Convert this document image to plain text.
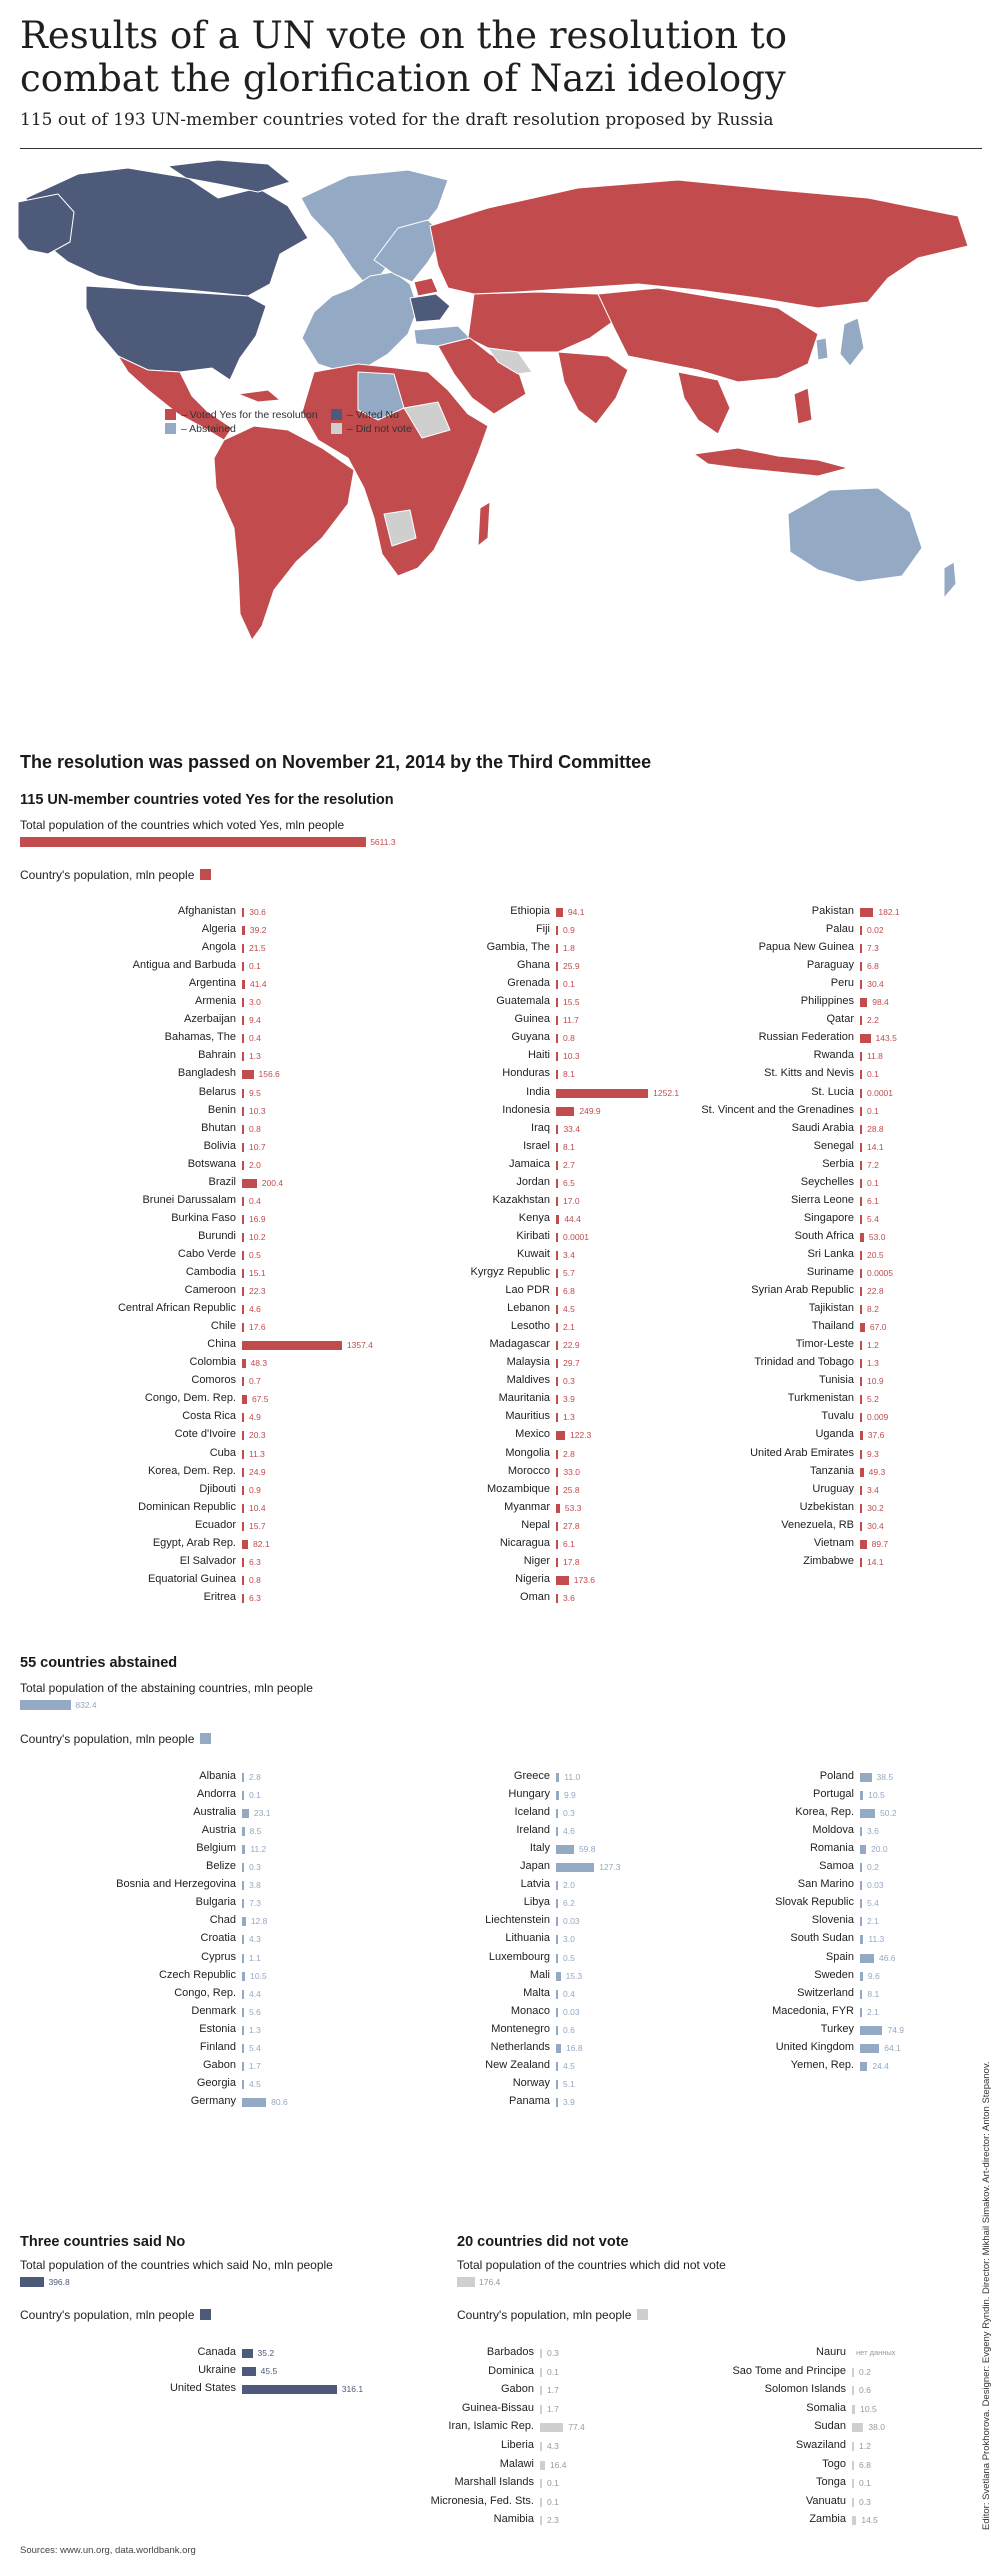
Results of a UN vote on the resolution to combat the glorification of Nazi ideology
115 out of 193 UN-member countries voted for the draft resolution proposed by Russia
– Voted Yes for the resolution
– Abstained
– Voted No
– Did not vote
The resolution was passed on November 21, 2014 by the Third Committee
115 UN-member countries voted Yes for the resolution
Total population of the countries which voted Yes, mln people
5611.3
Country's population, mln people
Afghanistan 30.6
Algeria 39.2
Angola 21.5
Antigua and Barbuda 0.1
Argentina 41.4
Armenia 3.0
Azerbaijan 9.4
Bahamas, The 0.4
Bahrain 1.3
Bangladesh	156.6
Belarus 9.5
Benin 10.3
Bhutan 0.8
Bolivia 10.7
Botswana 2.0
Brazil	200.4
Brunei Darussalam 0.4
Burkina Faso 16.9
Burundi 10.2
Cabo Verde 0.5
Cambodia 15.1
Cameroon 22.3
Central African Republic 4.6
Chile 17.6
China	1357.4
Colombia 48.3
Comoros 0.7
Congo, Dem. Rep. 67.5
Costa Rica 4.9
Cote d'Ivoire 20.3
Cuba 11.3
Korea, Dem. Rep. 24.9
Djibouti 0.9
Dominican Republic 10.4
Ecuador 15.7
Egypt, Arab Rep. 82.1
El Salvador 6.3
Equatorial Guinea 0.8
Eritrea 6.3
Ethiopia 94.1
Fiji 0.9
Gambia, The 1.8
Ghana 25.9
Grenada 0.1
Guatemala 15.5
Guinea 11.7
Guyana 0.8
Haiti 10.3
Honduras 8.1
India	1252.1
Indonesia	249.9
Iraq 33.4
Israel 8.1
Jamaica 2.7
Jordan 6.5
Kazakhstan 17.0
Kenya 44.4
Kiribati 0.0001
Kuwait 3.4
Kyrgyz Republic 5.7
Lao PDR 6.8
Lebanon 4.5
Lesotho 2.1
Madagascar 22.9
Malaysia 29.7
Maldives 0.3
Mauritania 3.9
Mauritius 1.3
Mexico 122.3
Mongolia 2.8
Morocco 33.0
Mozambique 25.8
Myanmar 53.3
Nepal 27.8
Nicaragua 6.1
Niger 17.8
Nigeria	173.6
Oman 3.6
Pakistan	182.1
Palau 0.02
Papua New Guinea 7.3
Paraguay 6.8
Peru 30.4
Philippines 98.4
Qatar 2.2
Russian Federation	143.5
Rwanda 11.8
St. Kitts and Nevis 0.1
St. Lucia 0.0001
St. Vincent and the Grenadines 0.1
Saudi Arabia 28.8
Senegal 14.1
Serbia 7.2
Seychelles 0.1
Sierra Leone 6.1
Singapore 5.4
South Africa 53.0
Sri Lanka 20.5
Suriname 0.0005
Syrian Arab Republic 22.8
Tajikistan 8.2
Thailand 67.0
Timor-Leste 1.2
Trinidad and Tobago 1.3
Tunisia 10.9
Turkmenistan 5.2
Tuvalu 0.009
Uganda 37.6
United Arab Emirates 9.3
Tanzania 49.3
Uruguay 3.4
Uzbekistan 30.2
Venezuela, RB 30.4
Vietnam 89.7
Zimbabwe 14.1
55 countries abstained
Total population of the abstaining countries, mln people
832.4
Country's population, mln people
Albania 2.8
Andorra 0.1
Australia 23.1
Austria 8.5
Belgium 11.2
Belize 0.3
Bosnia and Herzegovina 3.8
Bulgaria 7.3
Chad 12.8
Croatia 4.3
Cyprus 1.1
Czech Republic 10.5
Congo, Rep. 4.4
Denmark 5.6
Estonia 1.3
Finland 5.4
Gabon 1.7
Georgia 4.5
Germany	80.6
Greece 11.0
Hungary 9.9
Iceland 0.3
Ireland 4.6
Italy	59.8
Japan	127.3
Latvia 2.0
Libya 6.2
Liechtenstein 0.03
Lithuania 3.0
Luxembourg 0.5
Mali 15.3
Malta 0.4
Monaco 0.03
Montenegro 0.6
Netherlands 16.8
New Zealand 4.5
Norway 5.1
Panama 3.9
Poland	38.5
Portugal 10.5
Korea, Rep.	50.2
Moldova 3.6
Romania 20.0
Samoa 0.2
San Marino 0.03
Slovak Republic 5.4
Slovenia 2.1
South Sudan 11.3
Spain	46.6
Sweden 9.6
Switzerland 8.1
Macedonia, FYR 2.1
Turkey	74.9
United Kingdom	64.1
Yemen, Rep. 24.4
Three countries said No
Total population of the countries which said No, mln people
396.8
Country's population, mln people
Canada	35.2
Ukraine	45.5
United States	316.1
20 countries did not vote
Total population of the countries which did not vote
176.4
Country's population, mln people
Barbados 0.3
Dominica 0.1
Gabon 1.7
Guinea-Bissau 1.7
Iran, Islamic Rep.	77.4
Liberia 4.3
Malawi 16.4
Marshall Islands 0.1
Micronesia, Fed. Sts. 0.1
Namibia 2.3
Nauru нет данных
Sao Tome and Principe 0.2
Solomon Islands 0.6
Somalia 10.5
Sudan	38.0
Swaziland 1.2
Togo 6.8
Tonga 0.1
Vanuatu 0.3
Zambia 14.5	Editor: Svetlana Prokhorova. Designer: Evgeny Ryndin. Director: Mikhail Simakov. Art-director: Anton Stepanov.
Sources: www.un.org, data.worldbank.org
